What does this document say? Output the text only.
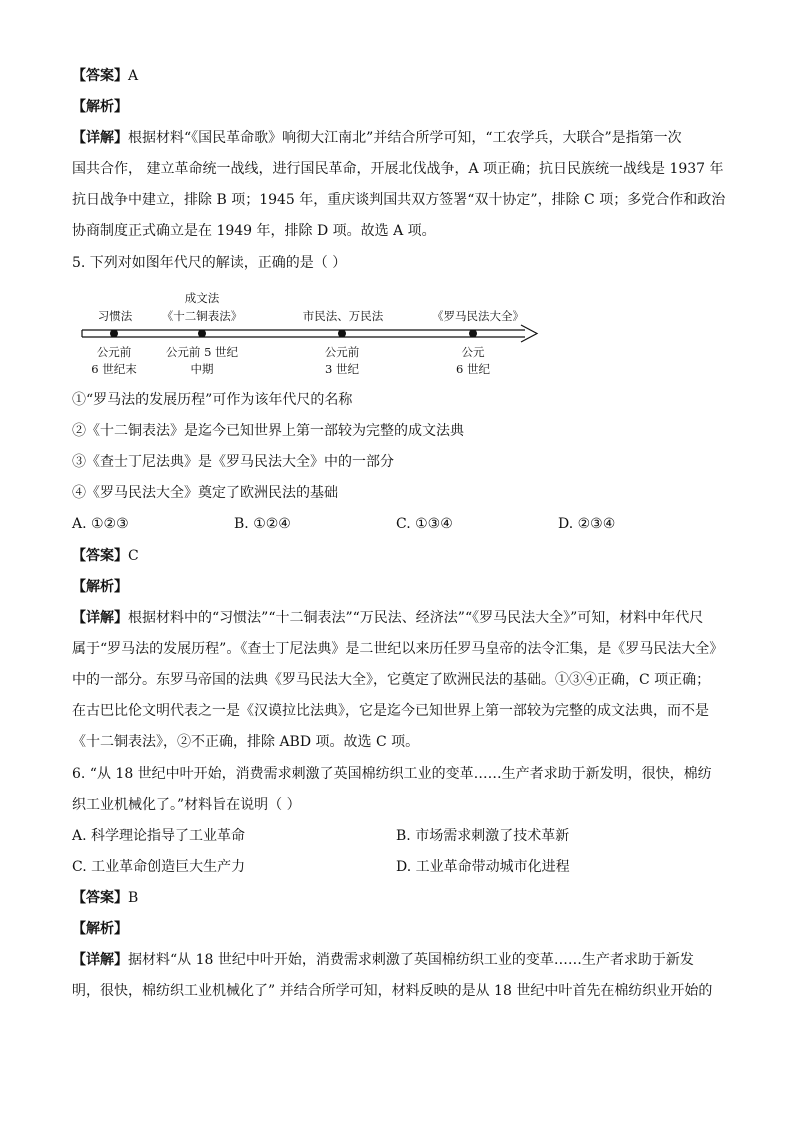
【答案】A
【解析】
【详解】根据材料“《国民革命歌》响彻大江南北”并结合所学可知，“工农学兵，大联合”是指第一次
国共合作， 建立革命统一战线，进行国民革命，开展北伐战争，A 项正确；抗日民族统一战线是 1937 年
抗日战争中建立，排除 B 项；1945 年，重庆谈判国共双方签署“双十协定”，排除 C 项；多党合作和政治
协商制度正式确立是在 1949 年，排除 D 项。故选 A 项。
5. 下列对如图年代尺的解读，正确的是（ ）
习惯法
成文法
《十二铜表法》	市民法、万民法	《罗马民法大全》
公元前
6 世纪末
公元前 5 世纪
中期
公元前
3 世纪
公元
6 世纪
①“罗马法的发展历程”可作为该年代尺的名称
②《十二铜表法》是迄今已知世界上第一部较为完整的成文法典
③《查士丁尼法典》是《罗马民法大全》中的一部分
④《罗马民法大全》奠定了欧洲民法的基础
A. ①②③	B. ①②④	C. ①③④	D. ②③④
【答案】C
【解析】
【详解】根据材料中的“习惯法”“十二铜表法”“万民法、经济法”“《罗马民法大全》”可知，材料中年代尺
属于“罗马法的发展历程”。《查士丁尼法典》是二世纪以来历任罗马皇帝的法令汇集，是《罗马民法大全》
中的一部分。东罗马帝国的法典《罗马民法大全》，它奠定了欧洲民法的基础。①③④正确，C 项正确；
在古巴比伦文明代表之一是《汉谟拉比法典》，它是迄今已知世界上第一部较为完整的成文法典，而不是
《十二铜表法》，②不正确，排除 ABD 项。故选 C 项。
6. “从 18 世纪中叶开始，消费需求刺激了英国棉纺织工业的变革……生产者求助于新发明，很快，棉纺
织工业机械化了。”材料旨在说明（ ）
A. 科学理论指导了工业革命	B. 市场需求刺激了技术革新
C. 工业革命创造巨大生产力	D. 工业革命带动城市化进程
【答案】B
【解析】
【详解】据材料“从 18 世纪中叶开始，消费需求刺激了英国棉纺织工业的变革……生产者求助于新发
明，很快，棉纺织工业机械化了” 并结合所学可知，材料反映的是从 18 世纪中叶首先在棉纺织业开始的
